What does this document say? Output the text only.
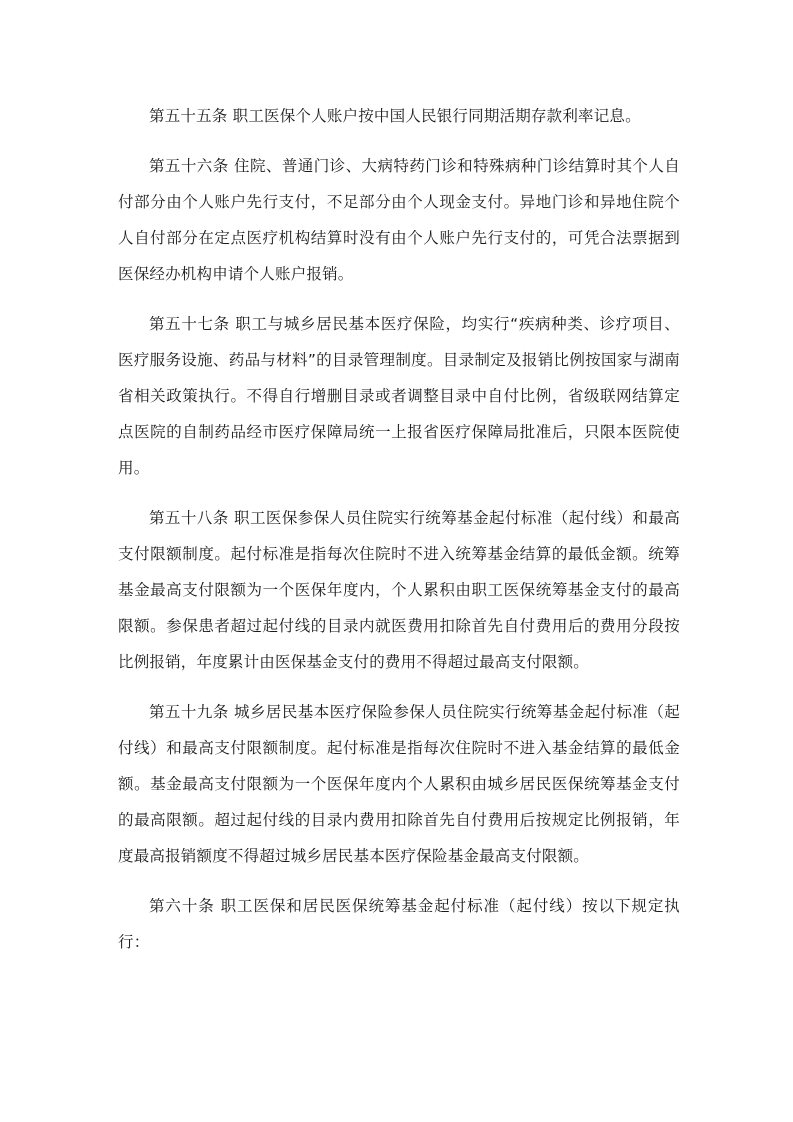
第五十五条 职工医保个人账户按中国人民银行同期活期存款利率记息。

第五十六条 住院、普通门诊、大病特药门诊和特殊病种门诊结算时其个人自付部分由个人账户先行支付，不足部分由个人现金支付。异地门诊和异地住院个人自付部分在定点医疗机构结算时没有由个人账户先行支付的，可凭合法票据到医保经办机构申请个人账户报销。

第五十七条 职工与城乡居民基本医疗保险，均实行“疾病种类、诊疗项目、医疗服务设施、药品与材料”的目录管理制度。目录制定及报销比例按国家与湖南省相关政策执行。不得自行增删目录或者调整目录中自付比例，省级联网结算定点医院的自制药品经市医疗保障局统一上报省医疗保障局批准后，只限本医院使用。

第五十八条 职工医保参保人员住院实行统筹基金起付标准（起付线）和最高支付限额制度。起付标准是指每次住院时不进入统筹基金结算的最低金额。统筹基金最高支付限额为一个医保年度内，个人累积由职工医保统筹基金支付的最高限额。参保患者超过起付线的目录内就医费用扣除首先自付费用后的费用分段按比例报销，年度累计由医保基金支付的费用不得超过最高支付限额。

第五十九条 城乡居民基本医疗保险参保人员住院实行统筹基金起付标准（起付线）和最高支付限额制度。起付标准是指每次住院时不进入基金结算的最低金额。基金最高支付限额为一个医保年度内个人累积由城乡居民医保统筹基金支付的最高限额。超过起付线的目录内费用扣除首先自付费用后按规定比例报销，年度最高报销额度不得超过城乡居民基本医疗保险基金最高支付限额。

第六十条 职工医保和居民医保统筹基金起付标准（起付线）按以下规定执行：
